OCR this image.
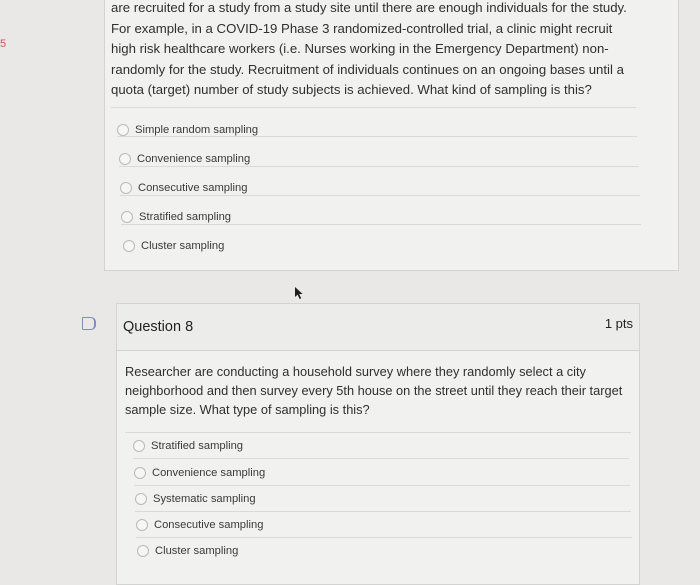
5
are recruited for a study from a study site until there are enough individuals for the study. For example, in a COVID-19 Phase 3 randomized-controlled trial, a clinic might recruit high risk healthcare workers (i.e. Nurses working in the Emergency Department) non-randomly for the study. Recruitment of individuals continues on an ongoing bases until a quota (target) number of study subjects is achieved. What kind of sampling is this?
Simple random sampling
Convenience sampling
Consecutive sampling
Stratified sampling
Cluster sampling
Question 8	1 pts
Researcher are conducting a household survey where they randomly select a city neighborhood and then survey every 5th house on the street until they reach their target sample size. What type of sampling is this?
Stratified sampling
Convenience sampling
Systematic sampling
Consecutive sampling
Cluster sampling
